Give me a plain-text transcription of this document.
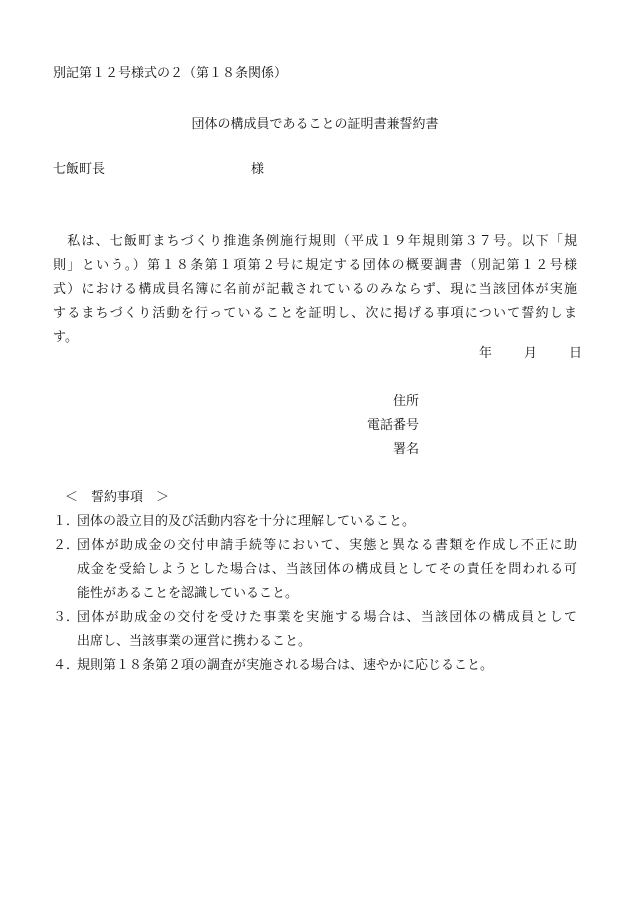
別記第１２号様式の２（第１８条関係）
団体の構成員であることの証明書兼誓約書
七飯町長	様
　私は、七飯町まちづくり推進条例施行規則（平成１９年規則第３７号。以下「規
則」という。）第１８条第１項第２号に規定する団体の概要調書（別記第１２号様
式）における構成員名簿に名前が記載されているのみならず、現に当該団体が実施
するまちづくり活動を行っていることを証明し、次に掲げる事項について誓約しま
す。
年 月 日
住所
電話番号
署名
＜　誓約事項　＞
１．
団体の設立目的及び活動内容を十分に理解していること。
２．
団体が助成金の交付申請手続等において、実態と異なる書類を作成し不正に助
成金を受給しようとした場合は、当該団体の構成員としてその責任を問われる可
能性があることを認識していること。
３．
団体が助成金の交付を受けた事業を実施する場合は、当該団体の構成員として
出席し、当該事業の運営に携わること。
４．
規則第１８条第２項の調査が実施される場合は、速やかに応じること。
